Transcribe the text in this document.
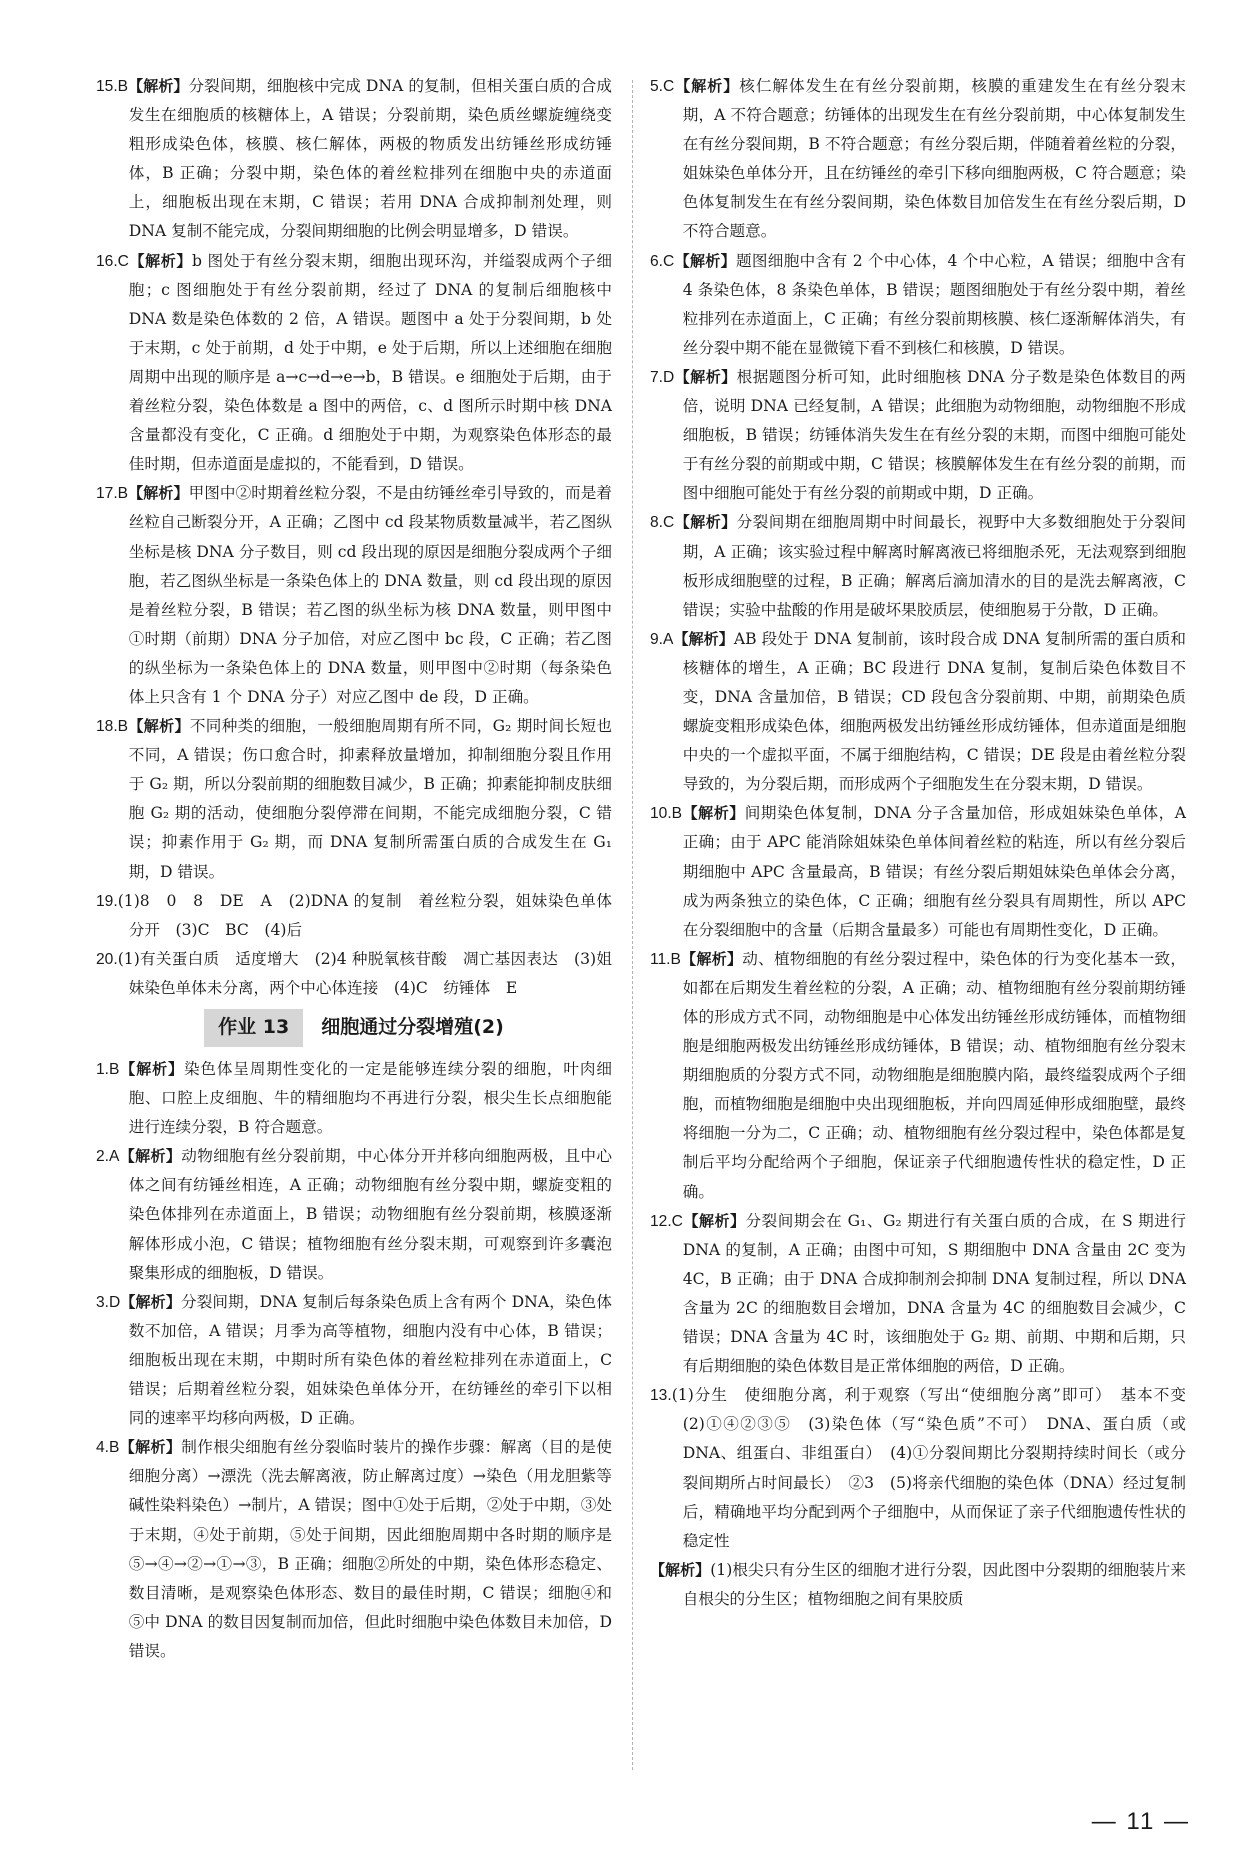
15.B【解析】分裂间期，细胞核中完成 DNA 的复制，但相关蛋白质的合成发生在细胞质的核糖体上，A 错误；分裂前期，染色质丝螺旋缠绕变粗形成染色体，核膜、核仁解体，两极的物质发出纺锤丝形成纺锤体，B 正确；分裂中期，染色体的着丝粒排列在细胞中央的赤道面上，细胞板出现在末期，C 错误；若用 DNA 合成抑制剂处理，则 DNA 复制不能完成，分裂间期细胞的比例会明显增多，D 错误。

16.C【解析】b 图处于有丝分裂末期，细胞出现环沟，并缢裂成两个子细胞；c 图细胞处于有丝分裂前期，经过了 DNA 的复制后细胞核中 DNA 数是染色体数的 2 倍，A 错误。题图中 a 处于分裂间期，b 处于末期，c 处于前期，d 处于中期，e 处于后期，所以上述细胞在细胞周期中出现的顺序是 a→c→d→e→b，B 错误。e 细胞处于后期，由于着丝粒分裂，染色体数是 a 图中的两倍，c、d 图所示时期中核 DNA 含量都没有变化，C 正确。d 细胞处于中期，为观察染色体形态的最佳时期，但赤道面是虚拟的，不能看到，D 错误。

17.B【解析】甲图中②时期着丝粒分裂，不是由纺锤丝牵引导致的，而是着丝粒自己断裂分开，A 正确；乙图中 cd 段某物质数量减半，若乙图纵坐标是核 DNA 分子数目，则 cd 段出现的原因是细胞分裂成两个子细胞，若乙图纵坐标是一条染色体上的 DNA 数量，则 cd 段出现的原因是着丝粒分裂，B 错误；若乙图的纵坐标为核 DNA 数量，则甲图中①时期（前期）DNA 分子加倍，对应乙图中 bc 段，C 正确；若乙图的纵坐标为一条染色体上的 DNA 数量，则甲图中②时期（每条染色体上只含有 1 个 DNA 分子）对应乙图中 de 段，D 正确。

18.B【解析】不同种类的细胞，一般细胞周期有所不同，G₂ 期时间长短也不同，A 错误；伤口愈合时，抑素释放量增加，抑制细胞分裂且作用于 G₂ 期，所以分裂前期的细胞数目减少，B 正确；抑素能抑制皮肤细胞 G₂ 期的活动，使细胞分裂停滞在间期，不能完成细胞分裂，C 错误；抑素作用于 G₂ 期，而 DNA 复制所需蛋白质的合成发生在 G₁ 期，D 错误。

19.(1)8　0　8　DE　A　(2)DNA 的复制　着丝粒分裂，姐妹染色单体分开　(3)C　BC　(4)后

20.(1)有关蛋白质　适度增大　(2)4 种脱氧核苷酸　凋亡基因表达　(3)姐妹染色单体未分离，两个中心体连接　(4)C　纺锤体　E

作业 13	细胞通过分裂增殖(2)

1.B【解析】染色体呈周期性变化的一定是能够连续分裂的细胞，叶肉细胞、口腔上皮细胞、牛的精细胞均不再进行分裂，根尖生长点细胞能进行连续分裂，B 符合题意。

2.A【解析】动物细胞有丝分裂前期，中心体分开并移向细胞两极，且中心体之间有纺锤丝相连，A 正确；动物细胞有丝分裂中期，螺旋变粗的染色体排列在赤道面上，B 错误；动物细胞有丝分裂前期，核膜逐渐解体形成小泡，C 错误；植物细胞有丝分裂末期，可观察到许多囊泡聚集形成的细胞板，D 错误。

3.D【解析】分裂间期，DNA 复制后每条染色质上含有两个 DNA，染色体数不加倍，A 错误；月季为高等植物，细胞内没有中心体，B 错误；细胞板出现在末期，中期时所有染色体的着丝粒排列在赤道面上，C 错误；后期着丝粒分裂，姐妹染色单体分开，在纺锤丝的牵引下以相同的速率平均移向两极，D 正确。

4.B【解析】制作根尖细胞有丝分裂临时装片的操作步骤：解离（目的是使细胞分离）→漂洗（洗去解离液，防止解离过度）→染色（用龙胆紫等碱性染料染色）→制片，A 错误；图中①处于后期，②处于中期，③处于末期，④处于前期，⑤处于间期，因此细胞周期中各时期的顺序是⑤→④→②→①→③，B 正确；细胞②所处的中期，染色体形态稳定、数目清晰，是观察染色体形态、数目的最佳时期，C 错误；细胞④和⑤中 DNA 的数目因复制而加倍，但此时细胞中染色体数目未加倍，D 错误。

5.C【解析】核仁解体发生在有丝分裂前期，核膜的重建发生在有丝分裂末期，A 不符合题意；纺锤体的出现发生在有丝分裂前期，中心体复制发生在有丝分裂间期，B 不符合题意；有丝分裂后期，伴随着着丝粒的分裂，姐妹染色单体分开，且在纺锤丝的牵引下移向细胞两极，C 符合题意；染色体复制发生在有丝分裂间期，染色体数目加倍发生在有丝分裂后期，D 不符合题意。

6.C【解析】题图细胞中含有 2 个中心体，4 个中心粒，A 错误；细胞中含有 4 条染色体，8 条染色单体，B 错误；题图细胞处于有丝分裂中期，着丝粒排列在赤道面上，C 正确；有丝分裂前期核膜、核仁逐渐解体消失，有丝分裂中期不能在显微镜下看不到核仁和核膜，D 错误。

7.D【解析】根据题图分析可知，此时细胞核 DNA 分子数是染色体数目的两倍，说明 DNA 已经复制，A 错误；此细胞为动物细胞，动物细胞不形成细胞板，B 错误；纺锤体消失发生在有丝分裂的末期，而图中细胞可能处于有丝分裂的前期或中期，C 错误；核膜解体发生在有丝分裂的前期，而图中细胞可能处于有丝分裂的前期或中期，D 正确。

8.C【解析】分裂间期在细胞周期中时间最长，视野中大多数细胞处于分裂间期，A 正确；该实验过程中解离时解离液已将细胞杀死，无法观察到细胞板形成细胞壁的过程，B 正确；解离后滴加清水的目的是洗去解离液，C 错误；实验中盐酸的作用是破坏果胶质层，使细胞易于分散，D 正确。

9.A【解析】AB 段处于 DNA 复制前，该时段合成 DNA 复制所需的蛋白质和核糖体的增生，A 正确；BC 段进行 DNA 复制，复制后染色体数目不变，DNA 含量加倍，B 错误；CD 段包含分裂前期、中期，前期染色质螺旋变粗形成染色体，细胞两极发出纺锤丝形成纺锤体，但赤道面是细胞中央的一个虚拟平面，不属于细胞结构，C 错误；DE 段是由着丝粒分裂导致的，为分裂后期，而形成两个子细胞发生在分裂末期，D 错误。

10.B【解析】间期染色体复制，DNA 分子含量加倍，形成姐妹染色单体，A 正确；由于 APC 能消除姐妹染色单体间着丝粒的粘连，所以有丝分裂后期细胞中 APC 含量最高，B 错误；有丝分裂后期姐妹染色单体会分离，成为两条独立的染色体，C 正确；细胞有丝分裂具有周期性，所以 APC 在分裂细胞中的含量（后期含量最多）可能也有周期性变化，D 正确。

11.B【解析】动、植物细胞的有丝分裂过程中，染色体的行为变化基本一致，如都在后期发生着丝粒的分裂，A 正确；动、植物细胞有丝分裂前期纺锤体的形成方式不同，动物细胞是中心体发出纺锤丝形成纺锤体，而植物细胞是细胞两极发出纺锤丝形成纺锤体，B 错误；动、植物细胞有丝分裂末期细胞质的分裂方式不同，动物细胞是细胞膜内陷，最终缢裂成两个子细胞，而植物细胞是细胞中央出现细胞板，并向四周延伸形成细胞壁，最终将细胞一分为二，C 正确；动、植物细胞有丝分裂过程中，染色体都是复制后平均分配给两个子细胞，保证亲子代细胞遗传性状的稳定性，D 正确。

12.C【解析】分裂间期会在 G₁、G₂ 期进行有关蛋白质的合成，在 S 期进行 DNA 的复制，A 正确；由图中可知，S 期细胞中 DNA 含量由 2C 变为 4C，B 正确；由于 DNA 合成抑制剂会抑制 DNA 复制过程，所以 DNA 含量为 2C 的细胞数目会增加，DNA 含量为 4C 的细胞数目会减少，C 错误；DNA 含量为 4C 时，该细胞处于 G₂ 期、前期、中期和后期，只有后期细胞的染色体数目是正常体细胞的两倍，D 正确。

13.(1)分生　使细胞分离，利于观察（写出“使细胞分离”即可）　基本不变　(2)①④②③⑤　(3)染色体（写“染色质”不可）　DNA、蛋白质（或 DNA、组蛋白、非组蛋白）　(4)①分裂间期比分裂期持续时间长（或分裂间期所占时间最长）　②3　(5)将亲代细胞的染色体（DNA）经过复制后，精确地平均分配到两个子细胞中，从而保证了亲子代细胞遗传性状的稳定性

【解析】(1)根尖只有分生区的细胞才进行分裂，因此图中分裂期的细胞装片来自根尖的分生区；植物细胞之间有果胶质

— 11 —
